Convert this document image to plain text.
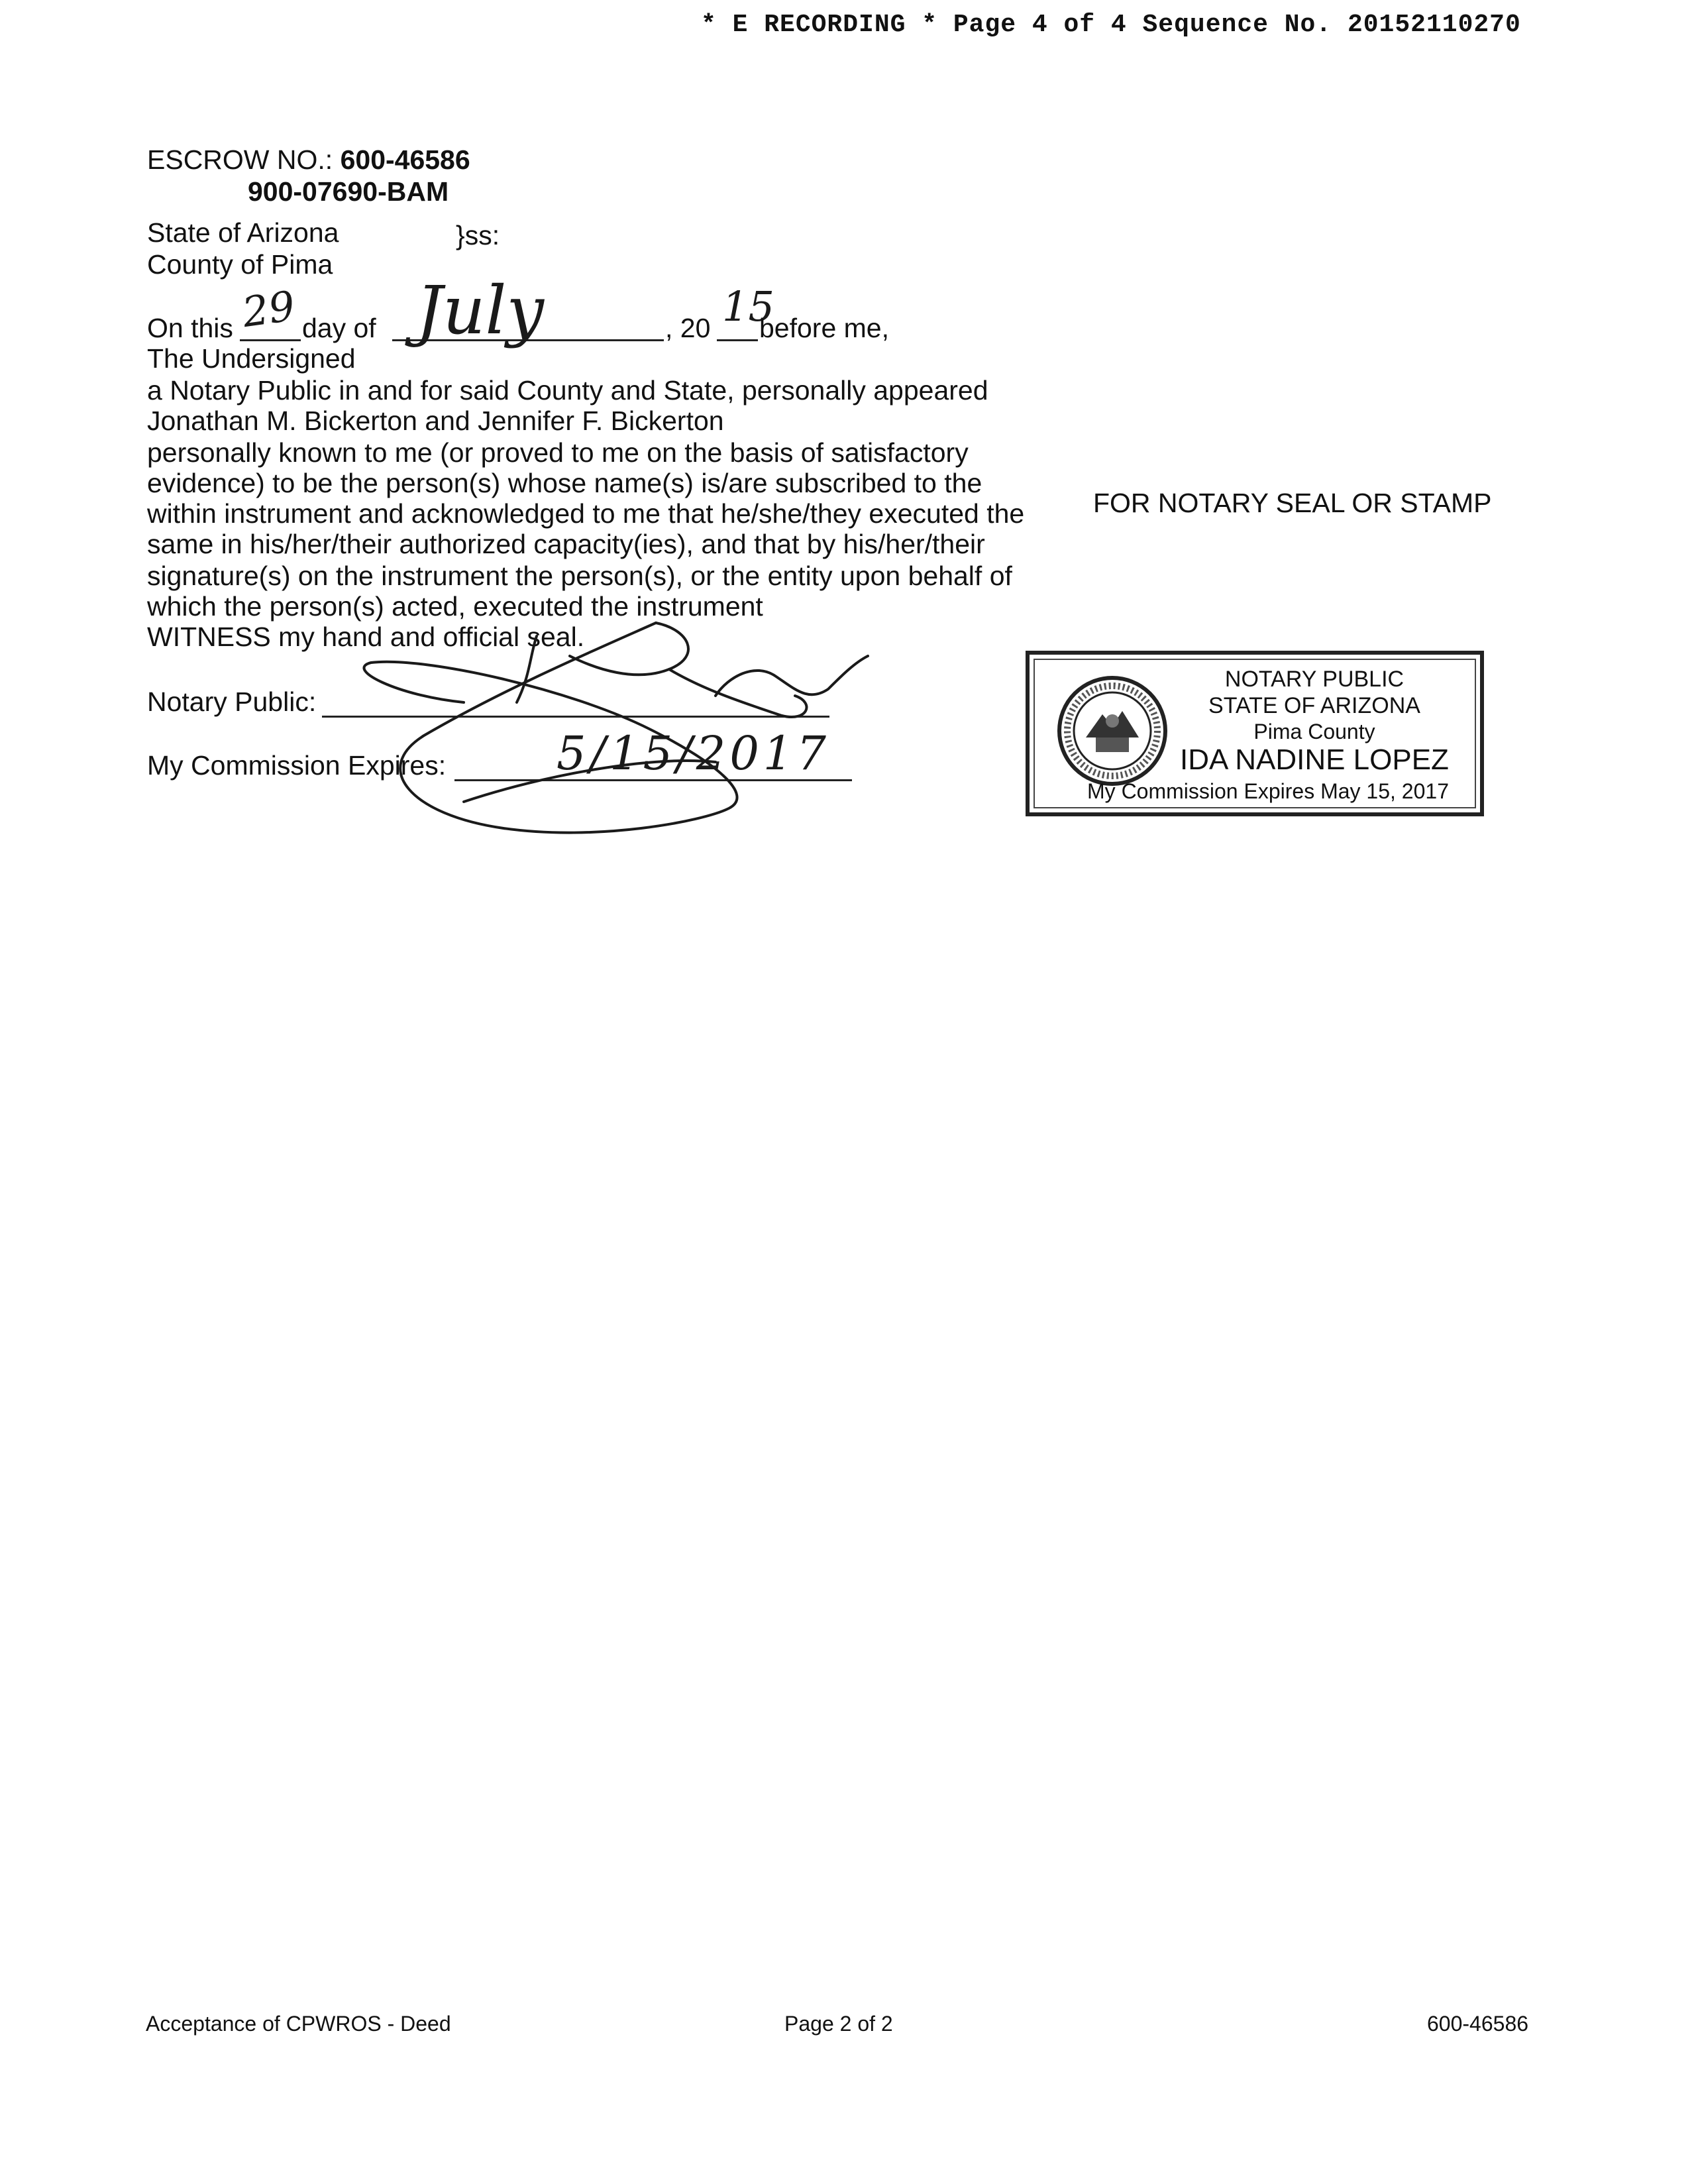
* E RECORDING * Page 4 of 4 Sequence No. 20152110270
ESCROW NO.: 600-46586
900-07690-BAM
State of Arizona	}ss:
County of Pima
On this 29 day of July	, 20 15
before me,
The Undersigned
a Notary Public in and for said County and State, personally appeared
Jonathan M. Bickerton and Jennifer F. Bickerton
personally known to me (or proved to me on the basis of satisfactory
evidence) to be the person(s) whose name(s) is/are subscribed to the
within instrument and acknowledged to me that he/she/they executed the
same in his/her/their authorized capacity(ies), and that by his/her/their
signature(s) on the instrument the person(s), or the entity upon behalf of
which the person(s) acted, executed the instrument
WITNESS my hand and official seal.
Notary Public:
My Commission Expires: 5/15/2017
FOR NOTARY SEAL OR STAMP
NOTARY PUBLIC
STATE OF ARIZONA
Pima County
IDA NADINE LOPEZ
My Commission Expires May 15, 2017
Acceptance of CPWROS - Deed	Page 2 of 2	600-46586
